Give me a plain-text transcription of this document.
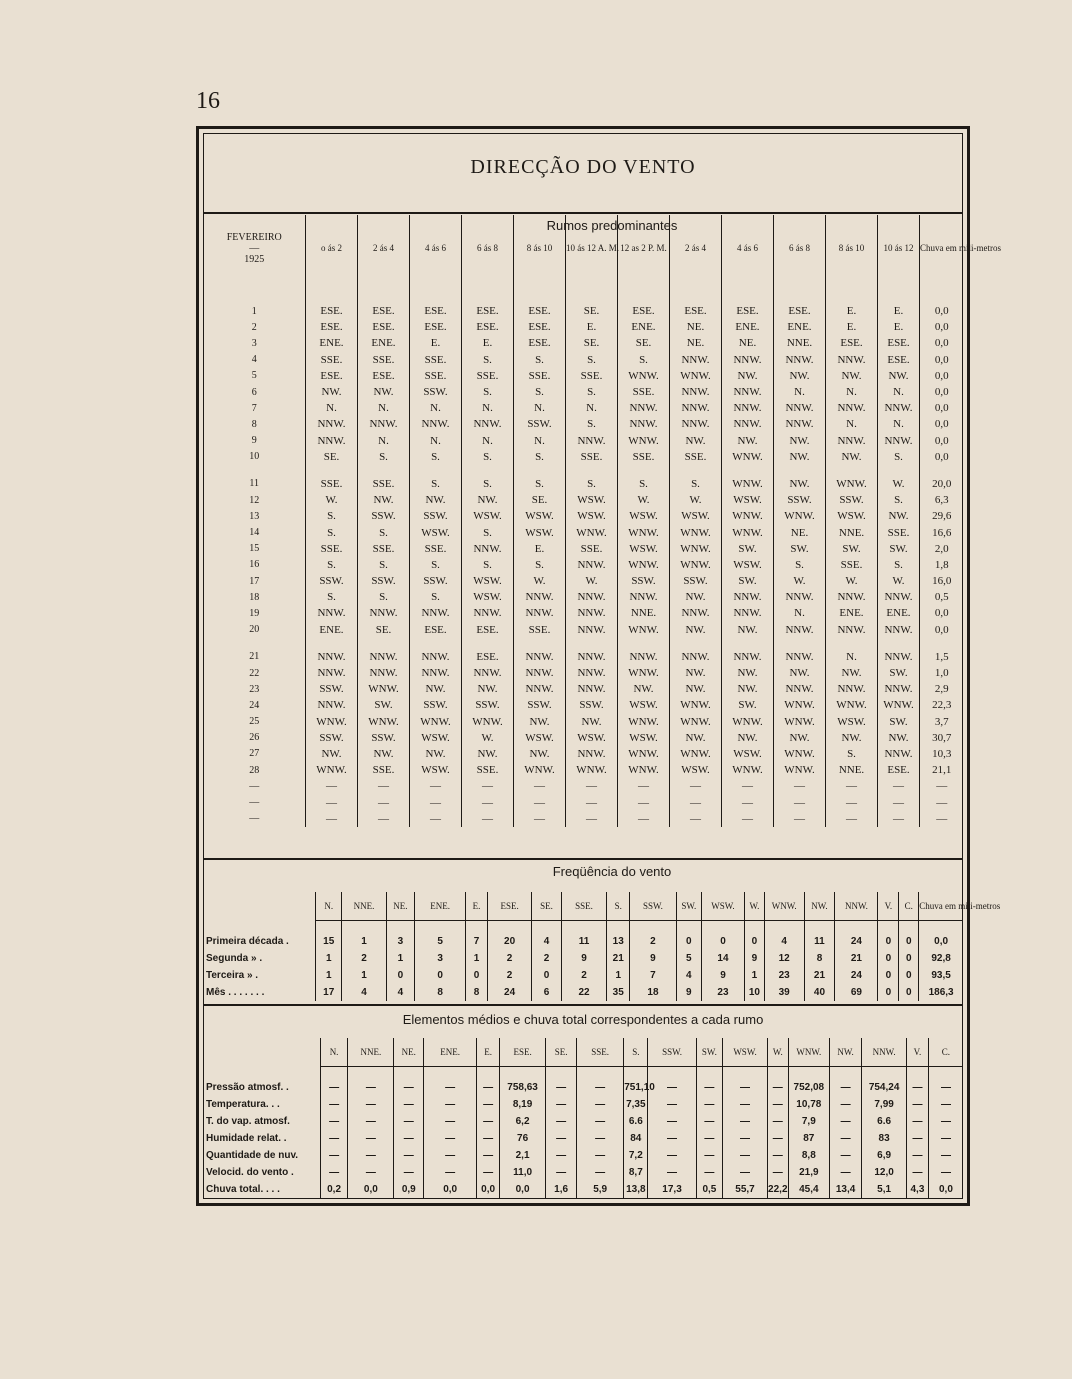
16
DIRECÇÃO DO VENTO
Rumos predominantes
FEVEREIRO
—
1925	o ás 2	2 ás 4	4 ás 6	6 ás 8	8 ás 10	10 ás 12 A. M.	12 as 2 P. M.	2 ás 4	4 ás 6	6 ás 8	8 ás 10	10 ás 12	Chuva em mili-metros

1	ESE.	ESE.	ESE.	ESE.	ESE.	SE.	ESE.	ESE.	ESE.	ESE.	E.	E.	0,0
2	ESE.	ESE.	ESE.	ESE.	ESE.	E.	ENE.	NE.	ENE.	ENE.	E.	E.	0,0
3	ENE.	ENE.	E.	E.	ESE.	SE.	SE.	NE.	NE.	NNE.	ESE.	ESE.	0,0
4	SSE.	SSE.	SSE.	S.	S.	S.	S.	NNW.	NNW.	NNW.	NNW.	ESE.	0,0
5	ESE.	ESE.	SSE.	SSE.	SSE.	SSE.	WNW.	WNW.	NW.	NW.	NW.	NW.	0,0
6	NW.	NW.	SSW.	S.	S.	S.	SSE.	NNW.	NNW.	N.	N.	N.	0,0
7	N.	N.	N.	N.	N.	N.	NNW.	NNW.	NNW.	NNW.	NNW.	NNW.	0,0
8	NNW.	NNW.	NNW.	NNW.	SSW.	S.	NNW.	NNW.	NNW.	NNW.	N.	N.	0,0
9	NNW.	N.	N.	N.	N.	NNW.	WNW.	NW.	NW.	NW.	NNW.	NNW.	0,0
10	SE.	S.	S.	S.	S.	SSE.	SSE.	SSE.	WNW.	NW.	NW.	S.	0,0

11	SSE.	SSE.	S.	S.	S.	S.	S.	S.	WNW.	NW.	WNW.	W.	20,0
12	W.	NW.	NW.	NW.	SE.	WSW.	W.	W.	WSW.	SSW.	SSW.	S.	6,3
13	S.	SSW.	SSW.	WSW.	WSW.	WSW.	WSW.	WSW.	WNW.	WNW.	WSW.	NW.	29,6
14	S.	S.	WSW.	S.	WSW.	WNW.	WNW.	WNW.	WNW.	NE.	NNE.	SSE.	16,6
15	SSE.	SSE.	SSE.	NNW.	E.	SSE.	WSW.	WNW.	SW.	SW.	SW.	SW.	2,0
16	S.	S.	S.	S.	S.	NNW.	WNW.	WNW.	WSW.	S.	SSE.	S.	1,8
17	SSW.	SSW.	SSW.	WSW.	W.	W.	SSW.	SSW.	SW.	W.	W.	W.	16,0
18	S.	S.	S.	WSW.	NNW.	NNW.	NNW.	NW.	NNW.	NNW.	NNW.	NNW.	0,5
19	NNW.	NNW.	NNW.	NNW.	NNW.	NNW.	NNE.	NNW.	NNW.	N.	ENE.	ENE.	0,0
20	ENE.	SE.	ESE.	ESE.	SSE.	NNW.	WNW.	NW.	NW.	NNW.	NNW.	NNW.	0,0

21	NNW.	NNW.	NNW.	ESE.	NNW.	NNW.	NNW.	NNW.	NNW.	NNW.	N.	NNW.	1,5
22	NNW.	NNW.	NNW.	NNW.	NNW.	NNW.	WNW.	NW.	NW.	NW.	NW.	SW.	1,0
23	SSW.	WNW.	NW.	NW.	NNW.	NNW.	NW.	NW.	NW.	NNW.	NNW.	NNW.	2,9
24	NNW.	SW.	SSW.	SSW.	SSW.	SSW.	WSW.	WNW.	SW.	WNW.	WNW.	WNW.	22,3
25	WNW.	WNW.	WNW.	WNW.	NW.	NW.	WNW.	WNW.	WNW.	WNW.	WSW.	SW.	3,7
26	SSW.	SSW.	WSW.	W.	WSW.	WSW.	WSW.	NW.	NW.	NW.	NW.	NW.	30,7
27	NW.	NW.	NW.	NW.	NW.	NNW.	WNW.	WNW.	WSW.	WNW.	S.	NNW.	10,3
28	WNW.	SSE.	WSW.	SSE.	WNW.	WNW.	WNW.	WSW.	WNW.	WNW.	NNE.	ESE.	21,1
—	—	—	—	—	—	—	—	—	—	—	—	—	—
—	—	—	—	—	—	—	—	—	—	—	—	—	—
—	—	—	—	—	—	—	—	—	—	—	—	—	—
Freqüência do vento
	N.	NNE.	NE.	ENE.	E.	ESE.	SE.	SSE.	S.	SSW.	SW.	WSW.	W.	WNW.	NW.	NNW.	V.	C.	Chuva em mili-metros

Primeira década .	15	1	3	5	7	20	4	11	13	2	0	0	0	4	11	24	0	0	0,0
Segunda » .	1	2	1	3	1	2	2	9	21	9	5	14	9	12	8	21	0	0	92,8
Terceira » .	1	1	0	0	0	2	0	2	1	7	4	9	1	23	21	24	0	0	93,5
Mês . . . . . . .	17	4	4	8	8	24	6	22	35	18	9	23	10	39	40	69	0	0	186,3
Elementos médios e chuva total correspondentes a cada rumo
	N.	NNE.	NE.	ENE.	E.	ESE.	SE.	SSE.	S.	SSW.	SW.	WSW.	W.	WNW.	NW.	NNW.	V.	C.

Pressão atmosf. .	—	—	—	—	—	758,63	—	—	751,10	—	—	—	—	752,08	—	754,24	—	—
Temperatura. . .	—	—	—	—	—	8,19	—	—	7,35	—	—	—	—	10,78	—	7,99	—	—
T. do vap. atmosf.	—	—	—	—	—	6,2	—	—	6.6	—	—	—	—	7,9	—	6.6	—	—
Humidade relat. .	—	—	—	—	—	76	—	—	84	—	—	—	—	87	—	83	—	—
Quantidade de nuv.	—	—	—	—	—	2,1	—	—	7,2	—	—	—	—	8,8	—	6,9	—	—
Velocid. do vento .	—	—	—	—	—	11,0	—	—	8,7	—	—	—	—	21,9	—	12,0	—	—
Chuva total. . . .	0,2	0,0	0,9	0,0	0,0	0,0	1,6	5,9	13,8	17,3	0,5	55,7	22,2	45,4	13,4	5,1	4,3	0,0
